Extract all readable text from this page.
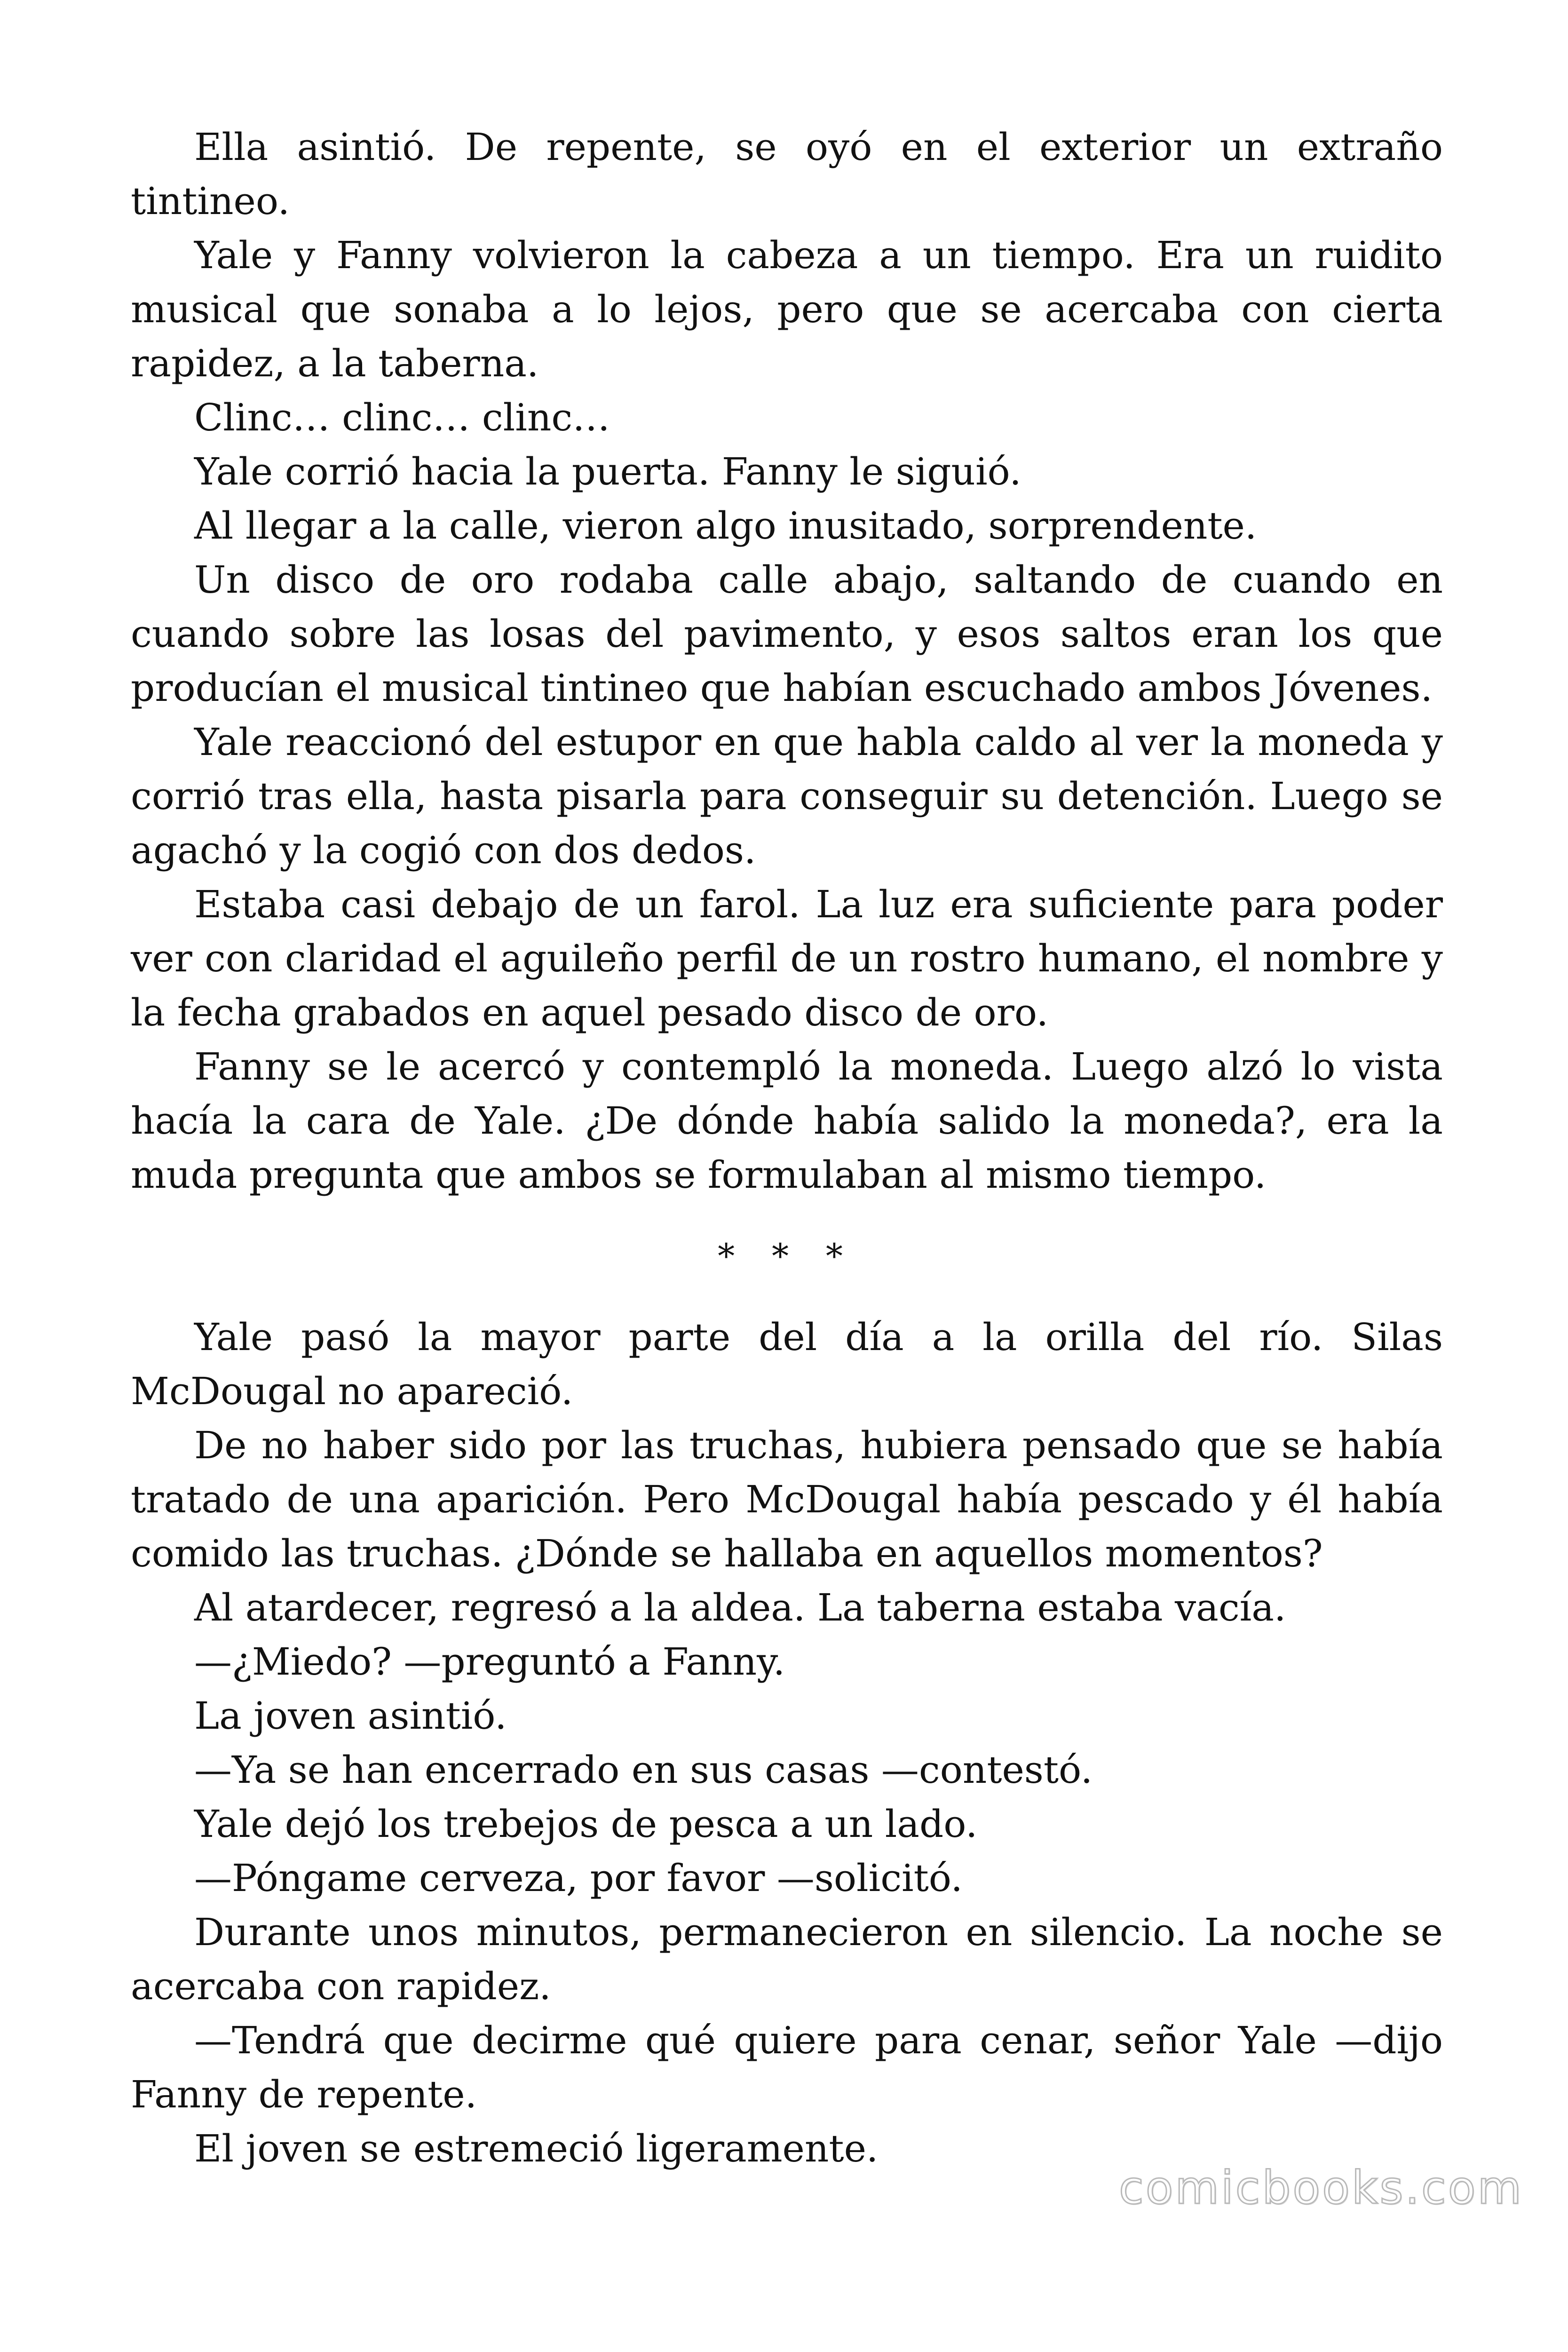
Ella asintió. De repente, se oyó en el exterior un extraño tintineo.

Yale y Fanny volvieron la cabeza a un tiempo. Era un ruidito musical que sonaba a lo lejos, pero que se acercaba con cierta rapidez, a la taberna.

Clinc… clinc… clinc…

Yale corrió hacia la puerta. Fanny le siguió.

Al llegar a la calle, vieron algo inusitado, sorprendente.

Un disco de oro rodaba calle abajo, saltando de cuando en cuando sobre las losas del pavimento, y esos saltos eran los que producían el musical tintineo que habían escuchado ambos Jóvenes.

Yale reaccionó del estupor en que habla caldo al ver la moneda y corrió tras ella, hasta pisarla para conseguir su detención. Luego se agachó y la cogió con dos dedos.

Estaba casi debajo de un farol. La luz era suficiente para poder ver con claridad el aguileño perfil de un rostro humano, el nombre y la fecha grabados en aquel pesado disco de oro.

Fanny se le acercó y contempló la moneda. Luego alzó lo vista hacía la cara de Yale. ¿De dónde había salido la moneda?, era la muda pregunta que ambos se formulaban al mismo tiempo.

* * *

Yale pasó la mayor parte del día a la orilla del río. Silas McDougal no apareció.

De no haber sido por las truchas, hubiera pensado que se había tratado de una aparición. Pero McDougal había pescado y él había comido las truchas. ¿Dónde se hallaba en aquellos momentos?

Al atardecer, regresó a la aldea. La taberna estaba vacía.

—¿Miedo? —preguntó a Fanny.

La joven asintió.

—Ya se han encerrado en sus casas —contestó.

Yale dejó los trebejos de pesca a un lado.

—Póngame cerveza, por favor —solicitó.

Durante unos minutos, permanecieron en silencio. La noche se acercaba con rapidez.

—Tendrá que decirme qué quiere para cenar, señor Yale —dijo Fanny de repente.

El joven se estremeció ligeramente.

comicbooks.com
